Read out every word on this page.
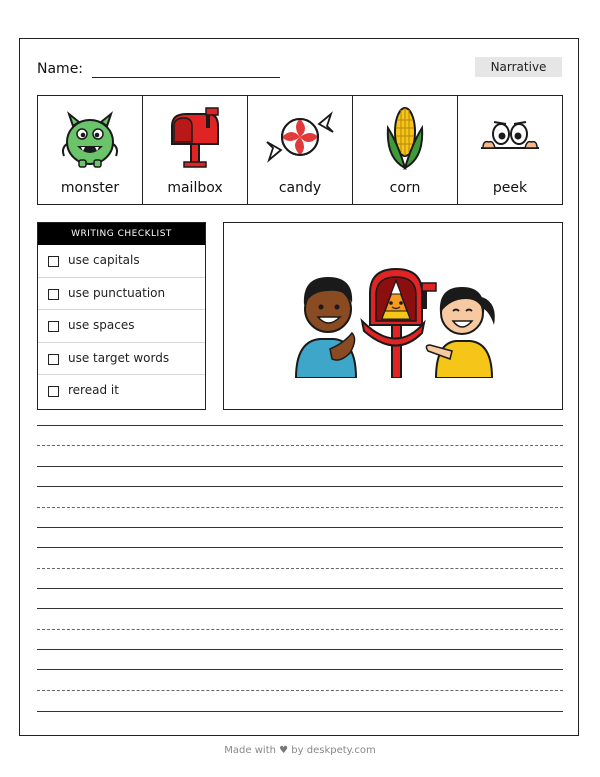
Name:	Narrative
monster	mailbox	candy	corn	peek
WRITING CHECKLIST
use capitals
use punctuation
use spaces
use target words
reread it
Made with ♥ by deskpety.com
